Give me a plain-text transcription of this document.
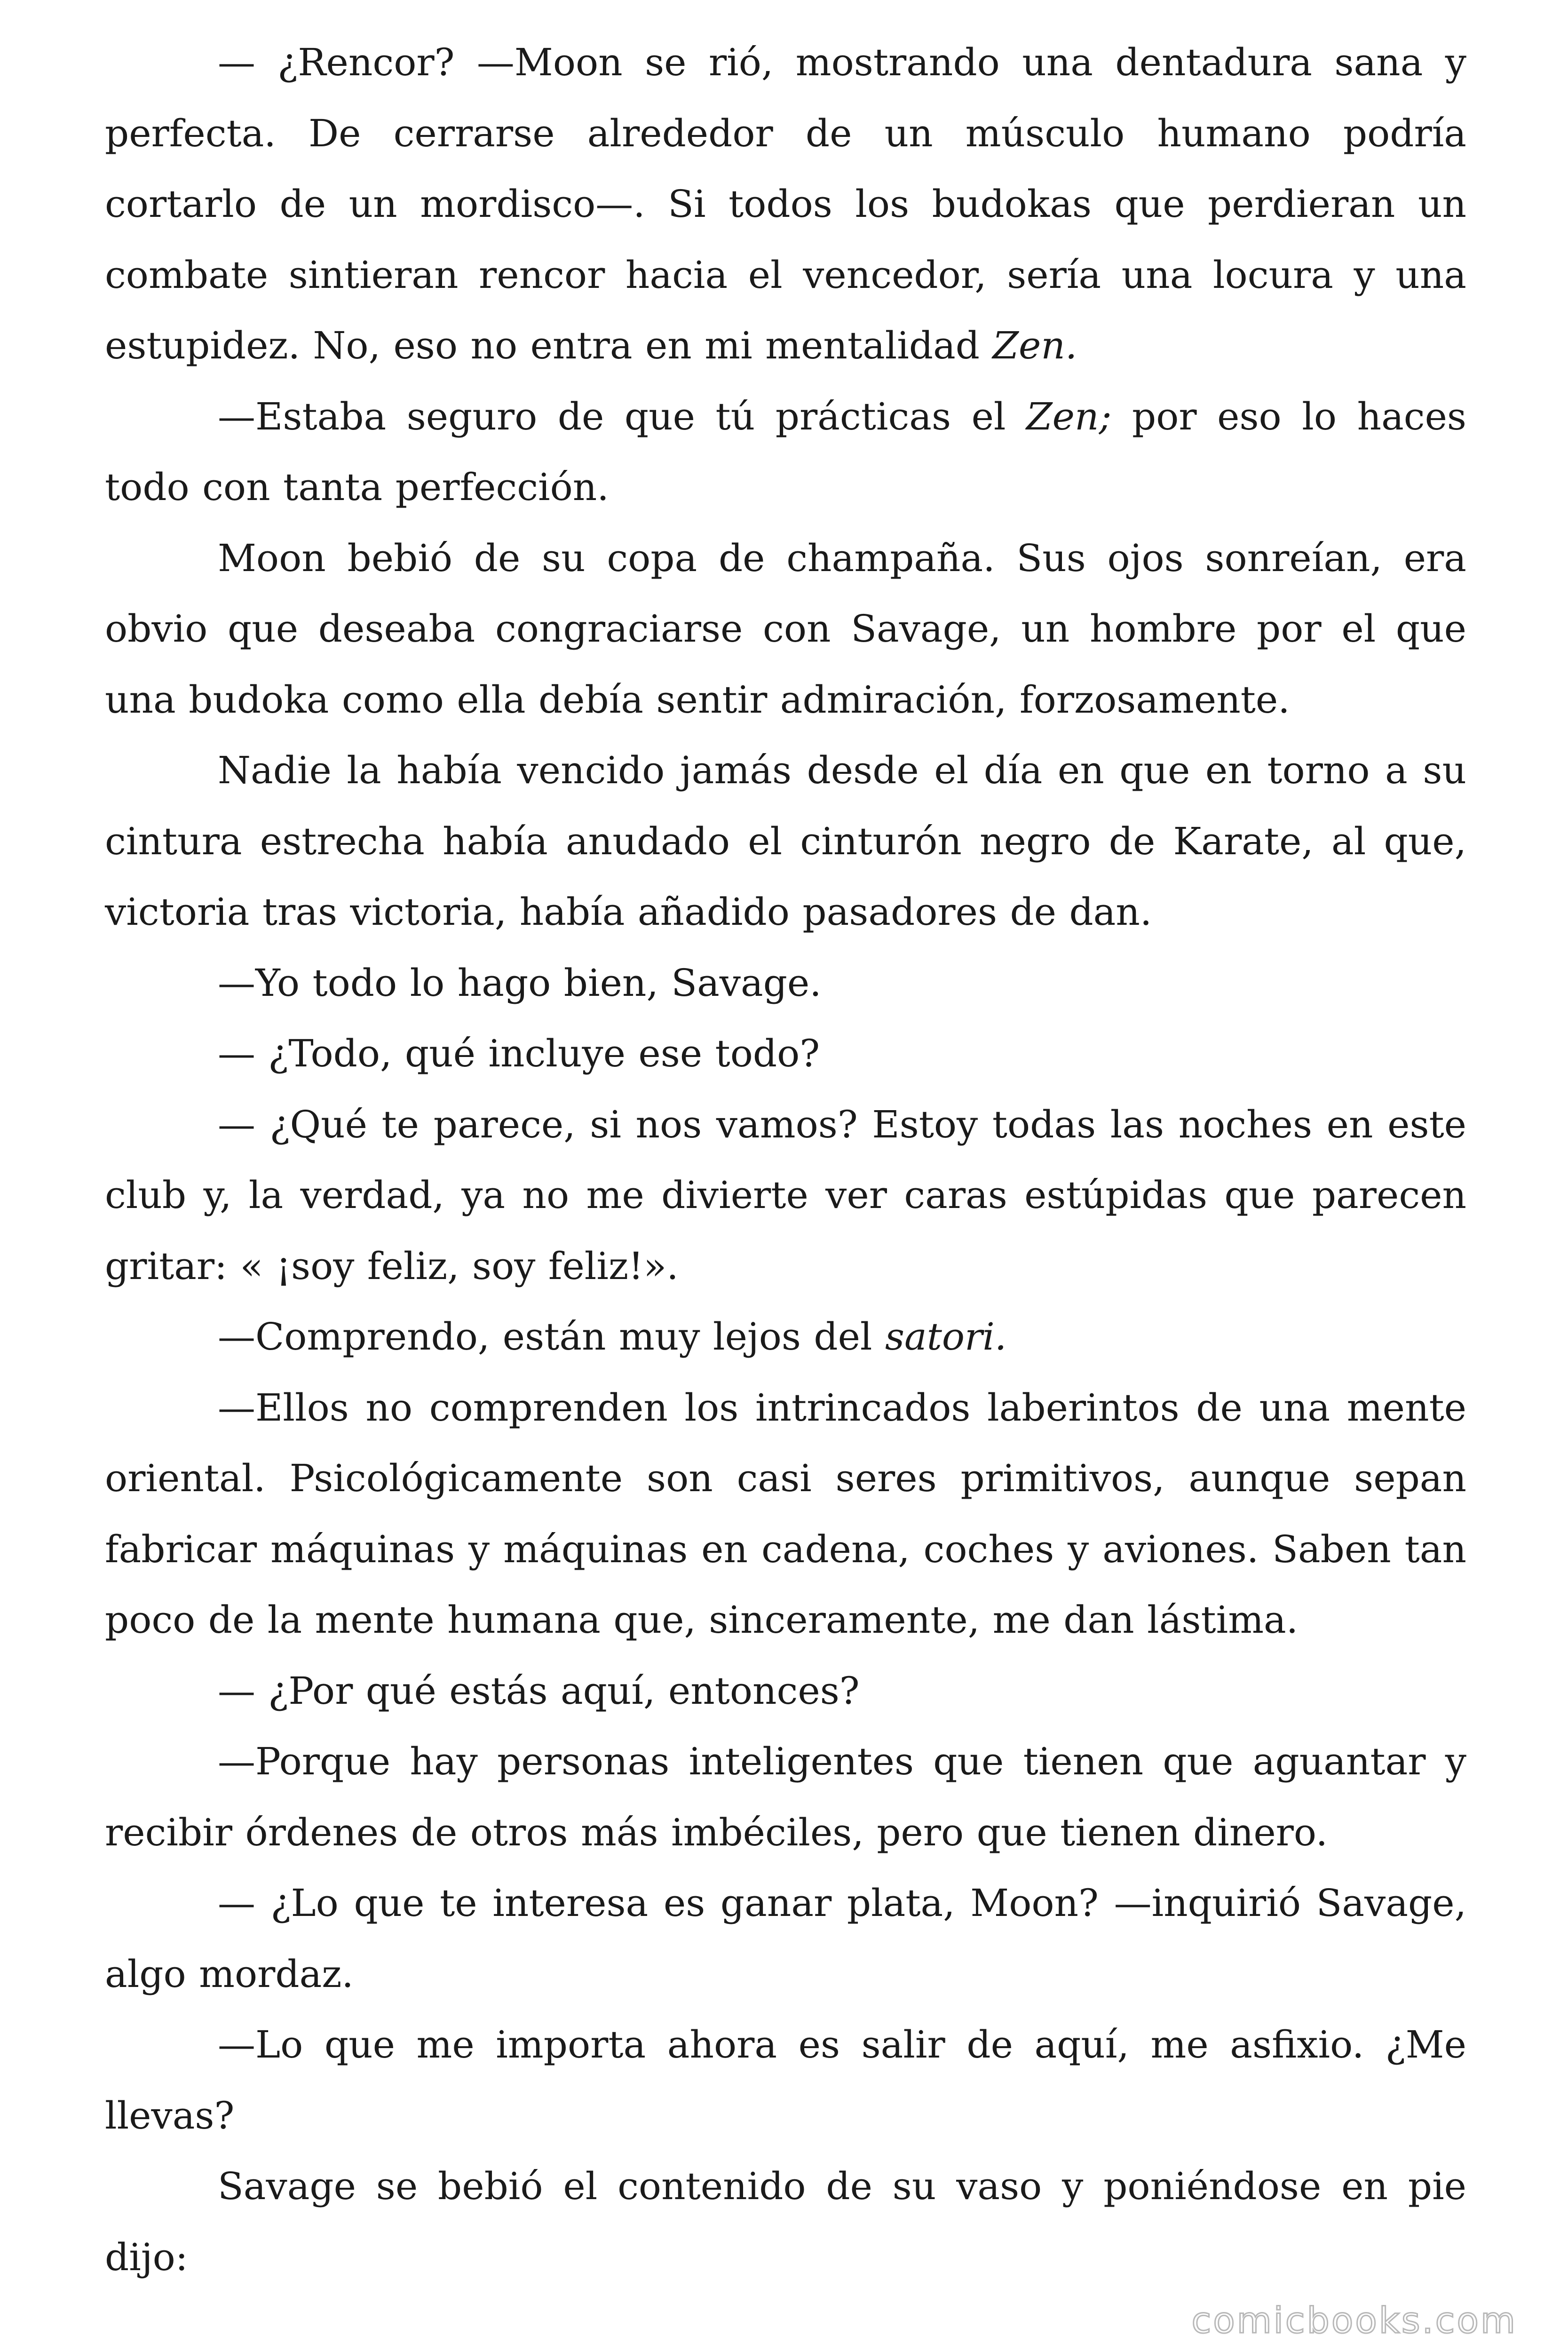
— ¿Rencor? —Moon se rió, mostrando una dentadura sana y perfecta. De cerrarse alrededor de un músculo humano podría cortarlo de un mordisco—. Si todos los budokas que perdieran un combate sintieran rencor hacia el vencedor, sería una locura y una estupidez. No, eso no entra en mi mentalidad Zen.

—Estaba seguro de que tú prácticas el Zen; por eso lo haces todo con tanta perfección.

Moon bebió de su copa de champaña. Sus ojos sonreían, era obvio que deseaba congraciarse con Savage, un hombre por el que una budoka como ella debía sentir admiración, forzosamente.

Nadie la había vencido jamás desde el día en que en torno a su cintura estrecha había anudado el cinturón negro de Karate, al que, victoria tras victoria, había añadido pasadores de dan.

—Yo todo lo hago bien, Savage.

— ¿Todo, qué incluye ese todo?

— ¿Qué te parece, si nos vamos? Estoy todas las noches en este club y, la verdad, ya no me divierte ver caras estúpidas que parecen gritar: « ¡soy feliz, soy feliz!».

—Comprendo, están muy lejos del satori.

—Ellos no comprenden los intrincados laberintos de una mente oriental. Psicológicamente son casi seres primitivos, aunque sepan fabricar máquinas y máquinas en cadena, coches y aviones. Saben tan poco de la mente humana que, sinceramente, me dan lástima.

— ¿Por qué estás aquí, entonces?

—Porque hay personas inteligentes que tienen que aguantar y recibir órdenes de otros más imbéciles, pero que tienen dinero.

— ¿Lo que te interesa es ganar plata, Moon? —inquirió Savage, algo mordaz.

—Lo que me importa ahora es salir de aquí, me asfixio. ¿Me llevas?

Savage se bebió el contenido de su vaso y poniéndose en pie dijo:

comicbooks.com
